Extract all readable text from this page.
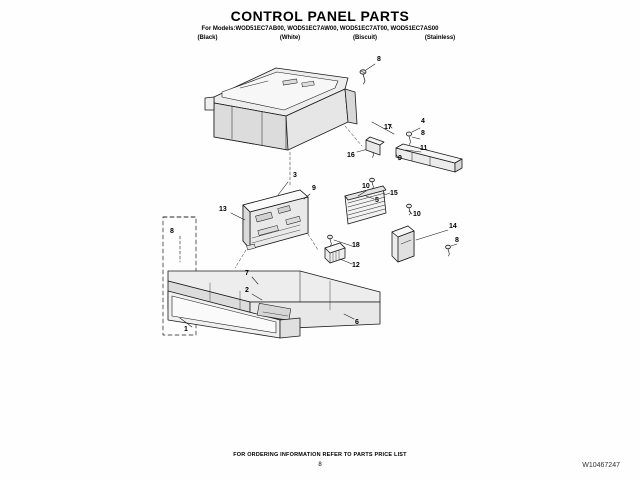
CONTROL PANEL PARTS
For Models:WOD51EC7AB00, WOD51EC7AW00, WOD51EC7AT00, WOD51EC7AS00
(Black)	(White)	(Biscuit)	(Stainless)
8
17
4
8
11
16	9
3
9	10
15
5
13
10
14
8
18
8
12
7
2
1
6
FOR ORDERING INFORMATION REFER TO PARTS PRICE LIST
8	W10467247
